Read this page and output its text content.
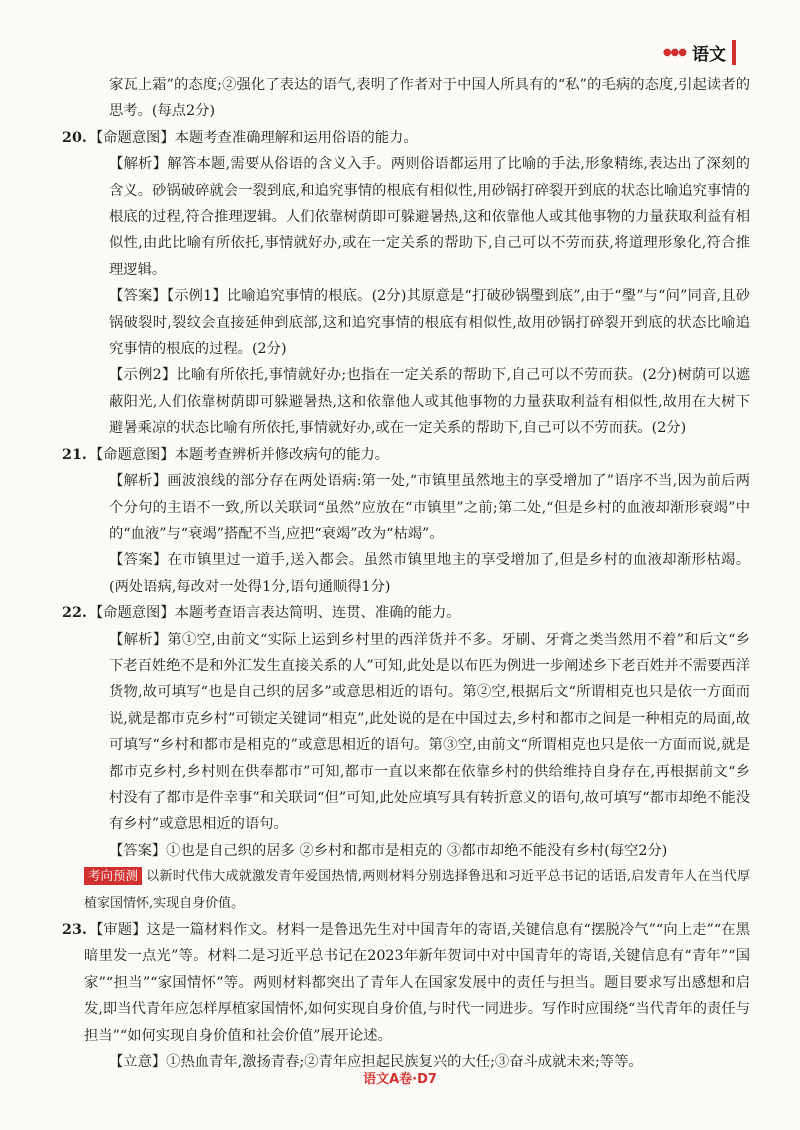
●●● 语文

家瓦上霜”的态度;②强化了表达的语气,表明了作者对于中国人所具有的“私”的毛病的态度,引起读者的思考。(每点2分)

20. 【命题意图】本题考查准确理解和运用俗语的能力。

【解析】解答本题,需要从俗语的含义入手。两则俗语都运用了比喻的手法,形象精练,表达出了深刻的含义。砂锅破碎就会一裂到底,和追究事情的根底有相似性,用砂锅打碎裂开到底的状态比喻追究事情的根底的过程,符合推理逻辑。人们依靠树荫即可躲避暑热,这和依靠他人或其他事物的力量获取利益有相似性,由此比喻有所依托,事情就好办,或在一定关系的帮助下,自己可以不劳而获,将道理形象化,符合推理逻辑。

【答案】【示例1】比喻追究事情的根底。(2分)其原意是“打破砂锅璺到底”,由于“璺”与“问”同音,且砂锅破裂时,裂纹会直接延伸到底部,这和追究事情的根底有相似性,故用砂锅打碎裂开到底的状态比喻追究事情的根底的过程。(2分)

【示例2】比喻有所依托,事情就好办;也指在一定关系的帮助下,自己可以不劳而获。(2分)树荫可以遮蔽阳光,人们依靠树荫即可躲避暑热,这和依靠他人或其他事物的力量获取利益有相似性,故用在大树下避暑乘凉的状态比喻有所依托,事情就好办,或在一定关系的帮助下,自己可以不劳而获。(2分)

21. 【命题意图】本题考查辨析并修改病句的能力。

【解析】画波浪线的部分存在两处语病:第一处,“市镇里虽然地主的享受增加了”语序不当,因为前后两个分句的主语不一致,所以关联词“虽然”应放在“市镇里”之前;第二处,“但是乡村的血液却渐形衰竭”中的“血液”与“衰竭”搭配不当,应把“衰竭”改为“枯竭”。

【答案】在市镇里过一道手,送入都会。虽然市镇里地主的享受增加了,但是乡村的血液却渐形枯竭。(两处语病,每改对一处得1分,语句通顺得1分)

22. 【命题意图】本题考查语言表达简明、连贯、准确的能力。

【解析】第①空,由前文“实际上运到乡村里的西洋货并不多。牙刷、牙膏之类当然用不着”和后文“乡下老百姓绝不是和外汇发生直接关系的人”可知,此处是以布匹为例进一步阐述乡下老百姓并不需要西洋货物,故可填写“也是自己织的居多”或意思相近的语句。第②空,根据后文“所谓相克也只是依一方面而说,就是都市克乡村”可锁定关键词“相克”,此处说的是在中国过去,乡村和都市之间是一种相克的局面,故可填写“乡村和都市是相克的”或意思相近的语句。第③空,由前文“所谓相克也只是依一方面而说,就是都市克乡村,乡村则在供奉都市”可知,都市一直以来都在依靠乡村的供给维持自身存在,再根据前文“乡村没有了都市是件幸事”和关联词“但”可知,此处应填写具有转折意义的语句,故可填写“都市却绝不能没有乡村”或意思相近的语句。

【答案】①也是自己织的居多 ②乡村和都市是相克的 ③都市却绝不能没有乡村(每空2分)

考向预测 以新时代伟大成就激发青年爱国热情,两则材料分别选择鲁迅和习近平总书记的话语,启发青年人在当代厚植家国情怀,实现自身价值。

23. 【审题】这是一篇材料作文。材料一是鲁迅先生对中国青年的寄语,关键信息有“摆脱冷气”“向上走”“在黑暗里发一点光”等。材料二是习近平总书记在2023年新年贺词中对中国青年的寄语,关键信息有“青年”“国家”“担当”“家国情怀”等。两则材料都突出了青年人在国家发展中的责任与担当。题目要求写出感想和启发,即当代青年应怎样厚植家国情怀,如何实现自身价值,与时代一同进步。写作时应围绕“当代青年的责任与担当”“如何实现自身价值和社会价值”展开论述。

【立意】①热血青年,激扬青春;②青年应担起民族复兴的大任;③奋斗成就未来;等等。

语文A卷·D7
